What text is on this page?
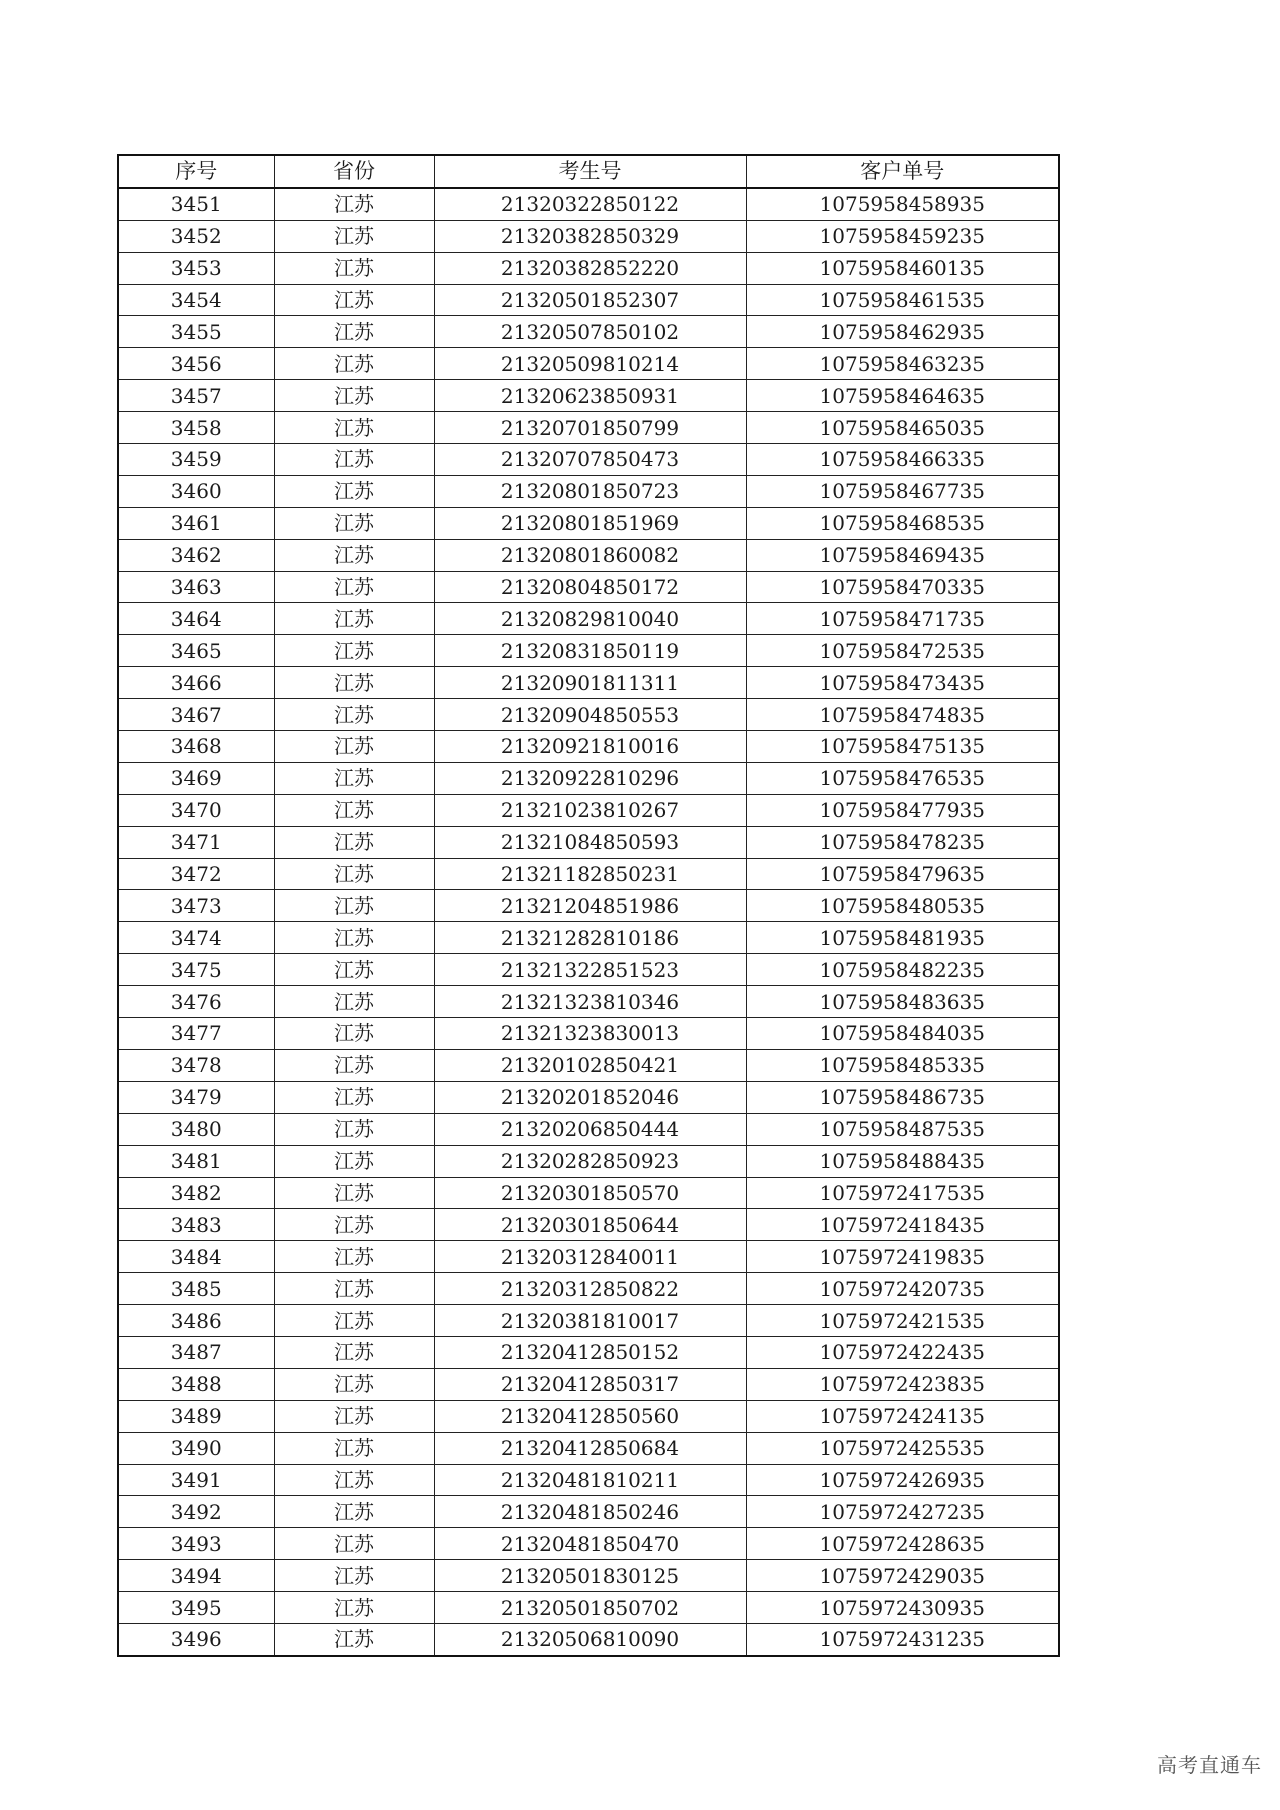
序号	省份	考生号	客户单号
3451	江苏	21320322850122	1075958458935
3452	江苏	21320382850329	1075958459235
3453	江苏	21320382852220	1075958460135
3454	江苏	21320501852307	1075958461535
3455	江苏	21320507850102	1075958462935
3456	江苏	21320509810214	1075958463235
3457	江苏	21320623850931	1075958464635
3458	江苏	21320701850799	1075958465035
3459	江苏	21320707850473	1075958466335
3460	江苏	21320801850723	1075958467735
3461	江苏	21320801851969	1075958468535
3462	江苏	21320801860082	1075958469435
3463	江苏	21320804850172	1075958470335
3464	江苏	21320829810040	1075958471735
3465	江苏	21320831850119	1075958472535
3466	江苏	21320901811311	1075958473435
3467	江苏	21320904850553	1075958474835
3468	江苏	21320921810016	1075958475135
3469	江苏	21320922810296	1075958476535
3470	江苏	21321023810267	1075958477935
3471	江苏	21321084850593	1075958478235
3472	江苏	21321182850231	1075958479635
3473	江苏	21321204851986	1075958480535
3474	江苏	21321282810186	1075958481935
3475	江苏	21321322851523	1075958482235
3476	江苏	21321323810346	1075958483635
3477	江苏	21321323830013	1075958484035
3478	江苏	21320102850421	1075958485335
3479	江苏	21320201852046	1075958486735
3480	江苏	21320206850444	1075958487535
3481	江苏	21320282850923	1075958488435
3482	江苏	21320301850570	1075972417535
3483	江苏	21320301850644	1075972418435
3484	江苏	21320312840011	1075972419835
3485	江苏	21320312850822	1075972420735
3486	江苏	21320381810017	1075972421535
3487	江苏	21320412850152	1075972422435
3488	江苏	21320412850317	1075972423835
3489	江苏	21320412850560	1075972424135
3490	江苏	21320412850684	1075972425535
3491	江苏	21320481810211	1075972426935
3492	江苏	21320481850246	1075972427235
3493	江苏	21320481850470	1075972428635
3494	江苏	21320501830125	1075972429035
3495	江苏	21320501850702	1075972430935
3496	江苏	21320506810090	1075972431235
高考直通车
